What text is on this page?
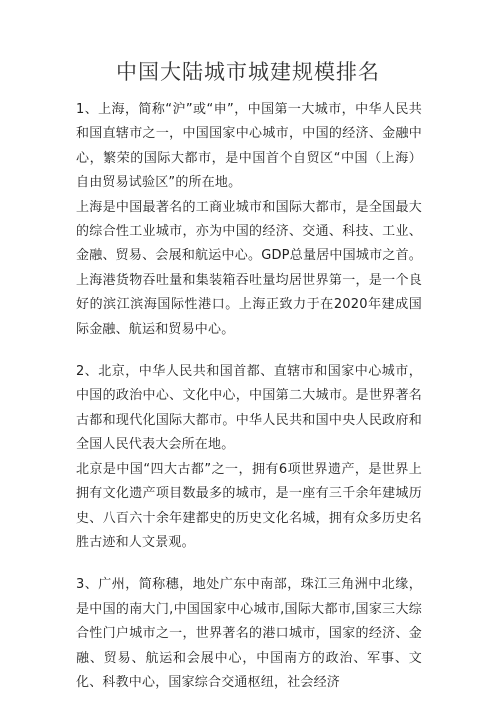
中国大陆城市城建规模排名

1、上海，简称“沪”或“申”，中国第一大城市，中华人民共和国直辖市之一，中国国家中心城市，中国的经济、金融中心，繁荣的国际大都市，是中国首个自贸区“中国（上海）自由贸易试验区”的所在地。

上海是中国最著名的工商业城市和国际大都市，是全国最大的综合性工业城市，亦为中国的经济、交通、科技、工业、金融、贸易、会展和航运中心。GDP总量居中国城市之首。上海港货物吞吐量和集装箱吞吐量均居世界第一，是一个良好的滨江滨海国际性港口。上海正致力于在2020年建成国际金融、航运和贸易中心。

2、北京，中华人民共和国首都、直辖市和国家中心城市，中国的政治中心、文化中心，中国第二大城市。是世界著名古都和现代化国际大都市。中华人民共和国中央人民政府和全国人民代表大会所在地。

北京是中国“四大古都”之一，拥有6项世界遗产，是世界上拥有文化遗产项目数最多的城市，是一座有三千余年建城历史、八百六十余年建都史的历史文化名城，拥有众多历史名胜古迹和人文景观。

3、广州，简称穗，地处广东中南部，珠江三角洲中北缘，是中国的南大门,中国国家中心城市,国际大都市,国家三大综合性门户城市之一，世界著名的港口城市，国家的经济、金融、贸易、航运和会展中心，中国南方的政治、军事、文化、科教中心，国家综合交通枢纽，社会经济
